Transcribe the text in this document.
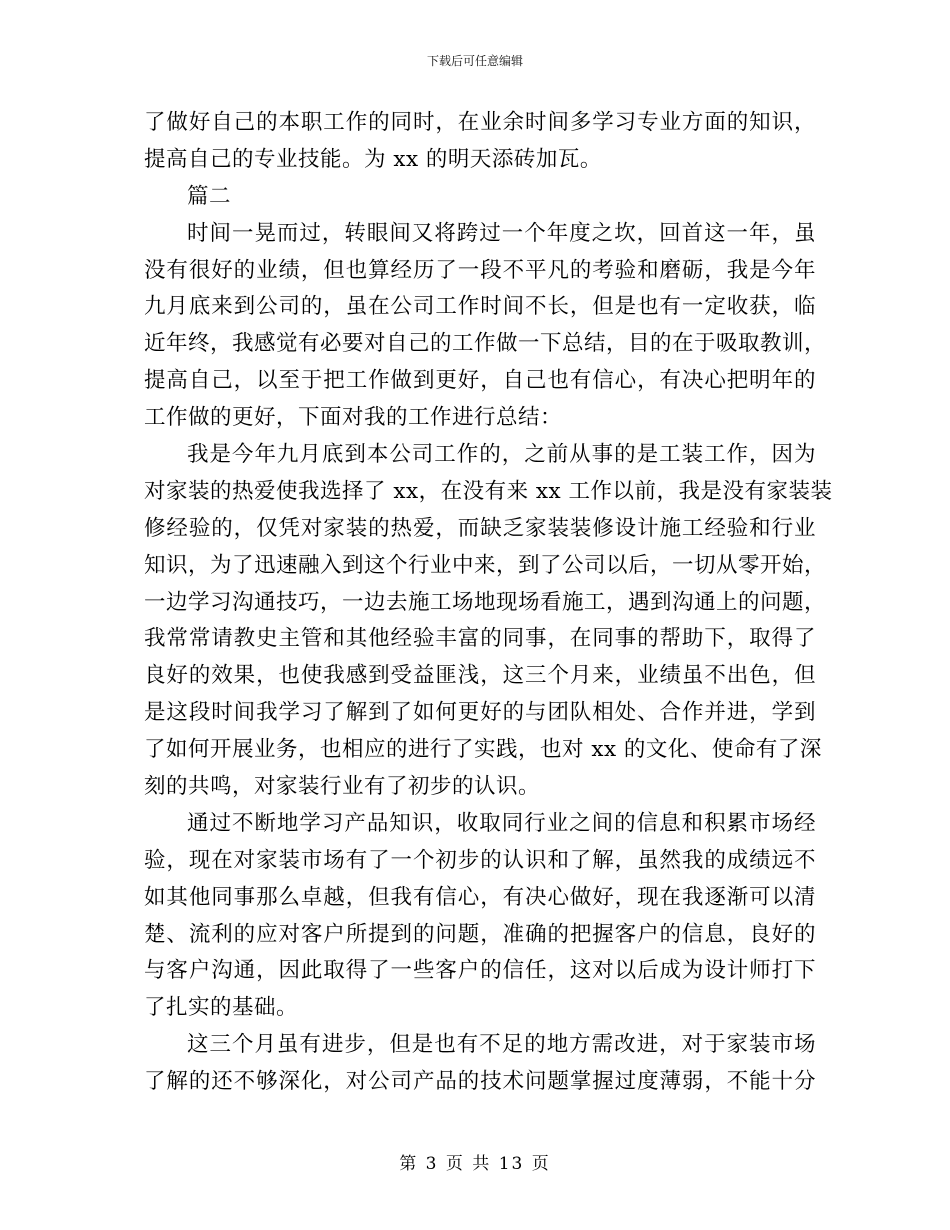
下载后可任意编辑
了做好自己的本职工作的同时，在业余时间多学习专业方面的知识，
提高自己的专业技能。为 xx 的明天添砖加瓦。
篇二
时间一晃而过，转眼间又将跨过一个年度之坎，回首这一年，虽
没有很好的业绩，但也算经历了一段不平凡的考验和磨砺，我是今年
九月底来到公司的，虽在公司工作时间不长，但是也有一定收获，临
近年终，我感觉有必要对自己的工作做一下总结，目的在于吸取教训，
提高自己，以至于把工作做到更好，自己也有信心，有决心把明年的
工作做的更好，下面对我的工作进行总结：
我是今年九月底到本公司工作的，之前从事的是工装工作，因为
对家装的热爱使我选择了 xx，在没有来 xx 工作以前，我是没有家装装
修经验的，仅凭对家装的热爱，而缺乏家装装修设计施工经验和行业
知识，为了迅速融入到这个行业中来，到了公司以后，一切从零开始，
一边学习沟通技巧，一边去施工场地现场看施工，遇到沟通上的问题，
我常常请教史主管和其他经验丰富的同事，在同事的帮助下，取得了
良好的效果，也使我感到受益匪浅，这三个月来，业绩虽不出色，但
是这段时间我学习了解到了如何更好的与团队相处、合作并进，学到
了如何开展业务，也相应的进行了实践，也对 xx 的文化、使命有了深
刻的共鸣，对家装行业有了初步的认识。
通过不断地学习产品知识，收取同行业之间的信息和积累市场经
验，现在对家装市场有了一个初步的认识和了解，虽然我的成绩远不
如其他同事那么卓越，但我有信心，有决心做好，现在我逐渐可以清
楚、流利的应对客户所提到的问题，准确的把握客户的信息，良好的
与客户沟通，因此取得了一些客户的信任，这对以后成为设计师打下
了扎实的基础。
这三个月虽有进步，但是也有不足的地方需改进，对于家装市场
了解的还不够深化，对公司产品的技术问题掌握过度薄弱，不能十分
第 3 页 共 13 页
